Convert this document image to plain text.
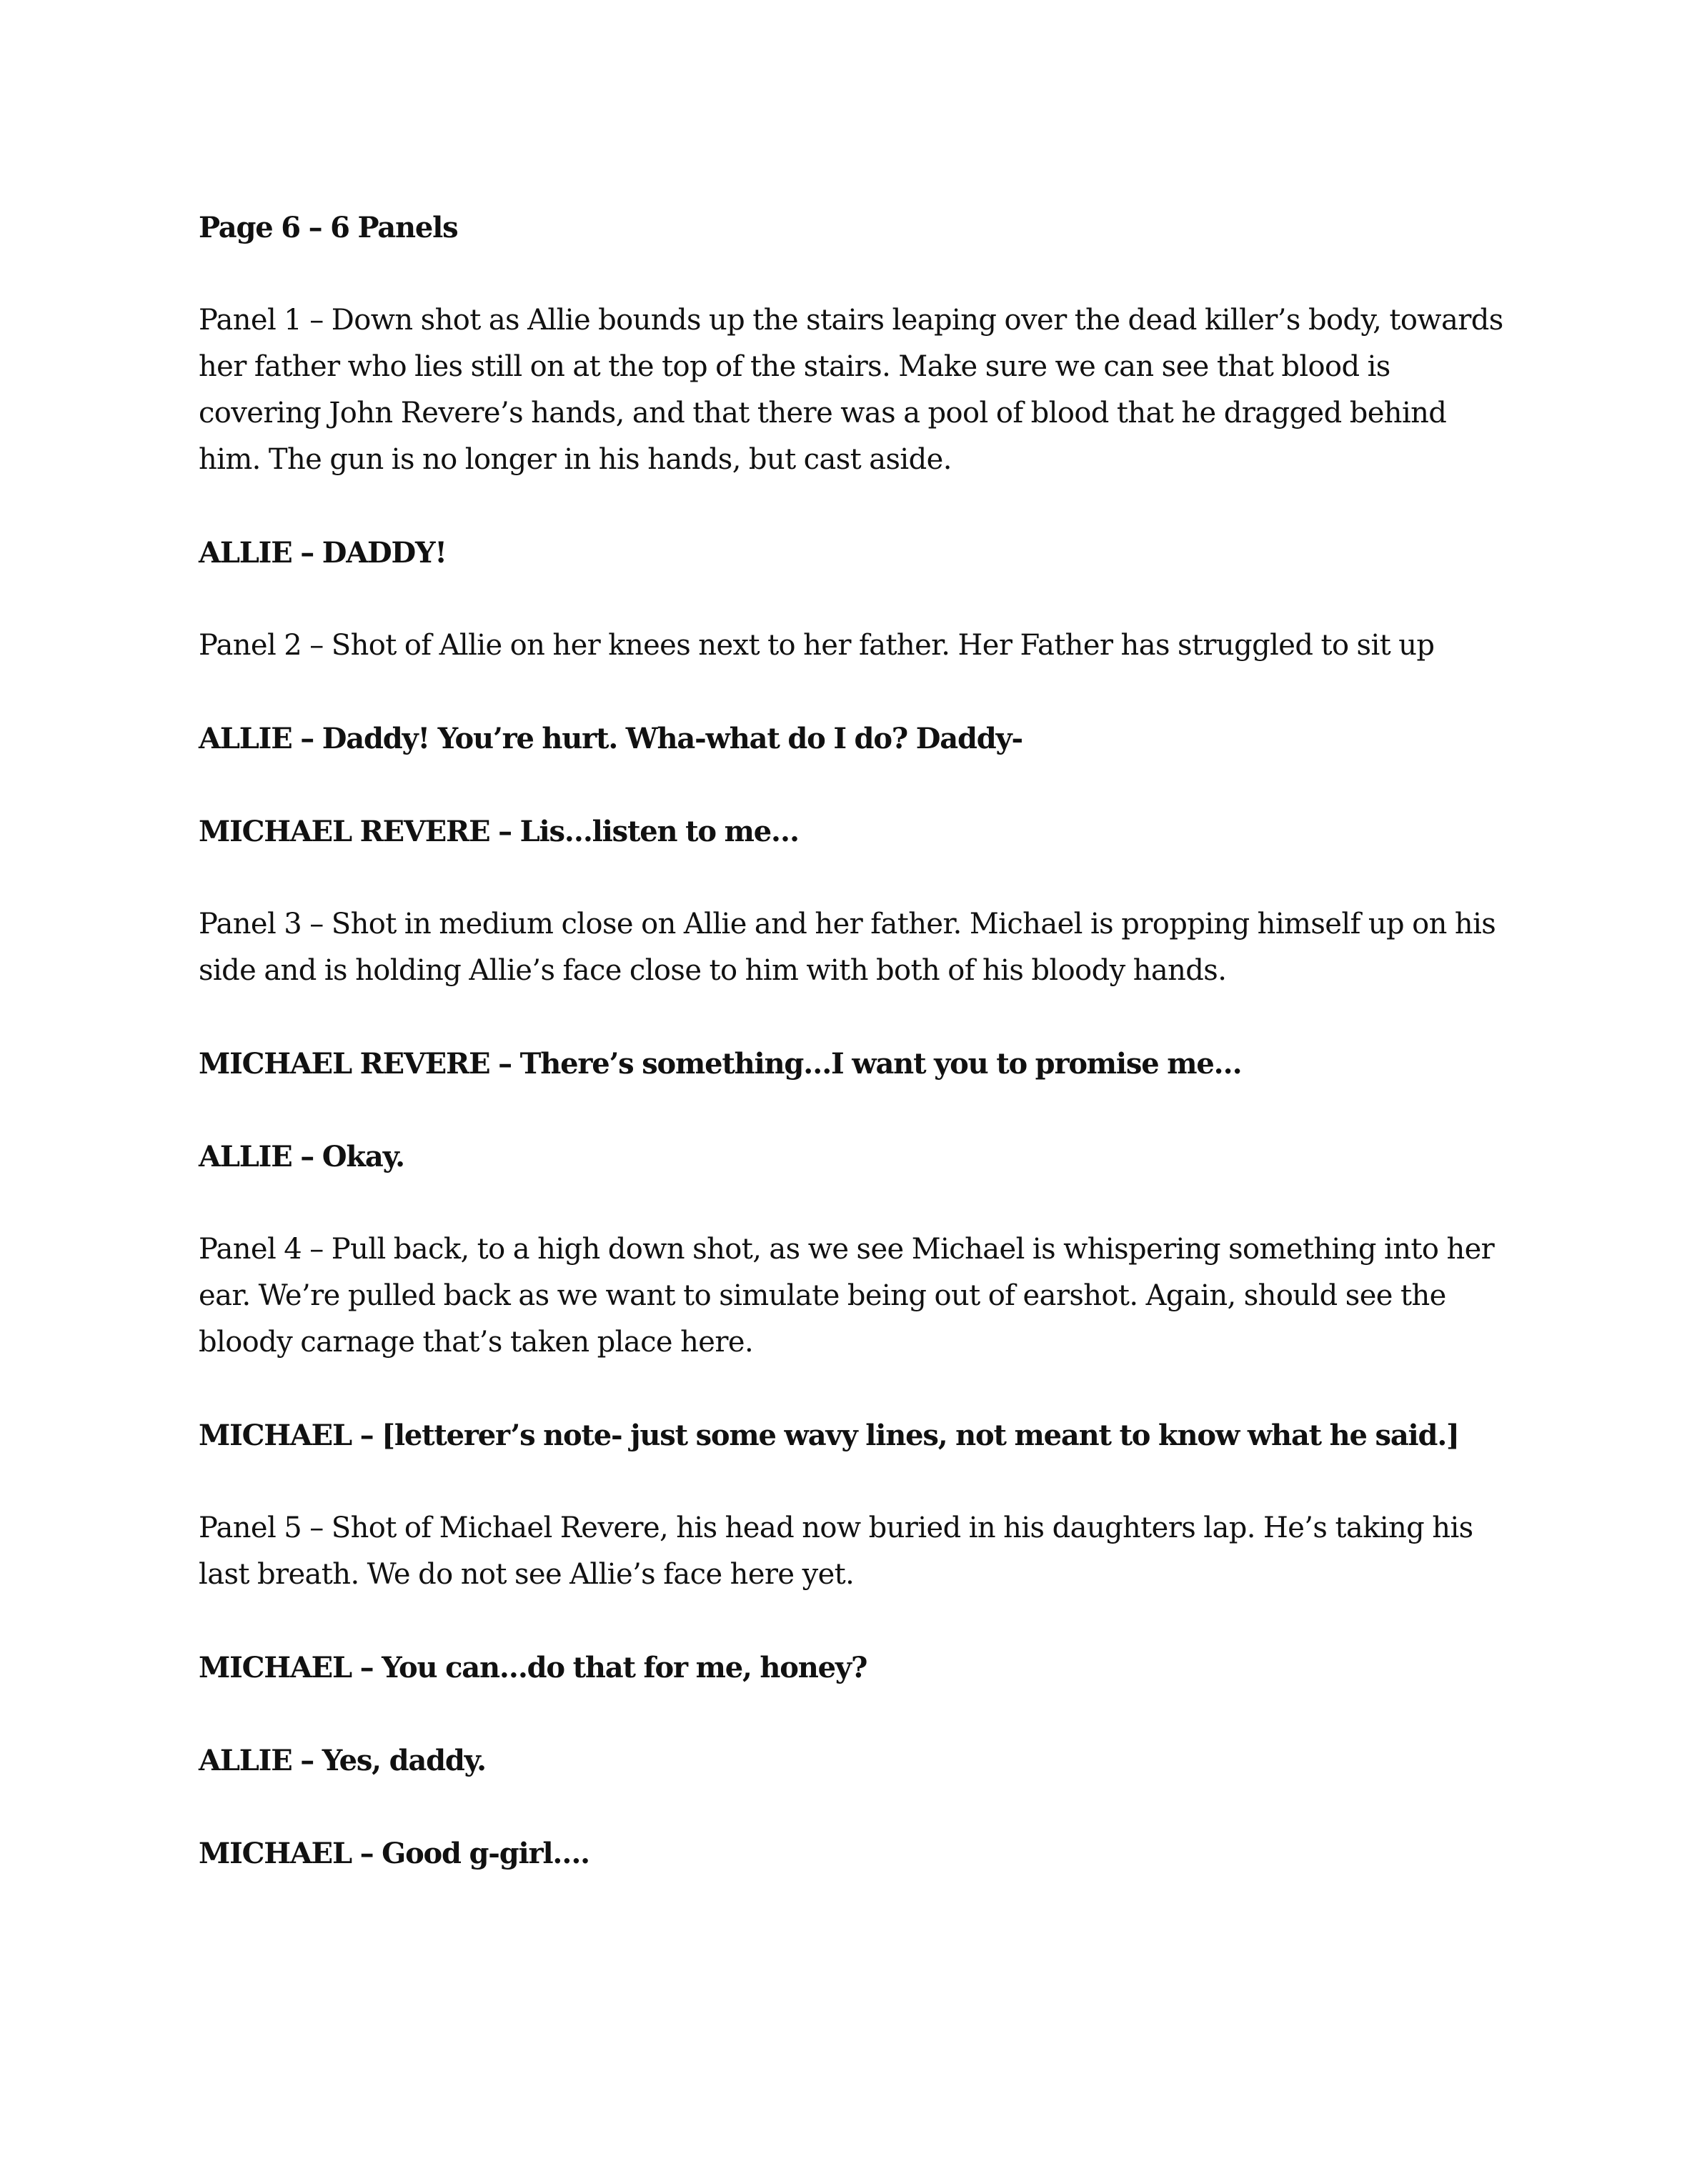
Page 6 – 6 Panels

Panel 1 – Down shot as Allie bounds up the stairs leaping over the dead killer’s body, towards her father who lies still on at the top of the stairs. Make sure we can see that blood is covering John Revere’s hands, and that there was a pool of blood that he dragged behind him. The gun is no longer in his hands, but cast aside.

ALLIE – DADDY!

Panel 2 – Shot of Allie on her knees next to her father. Her Father has struggled to sit up

ALLIE – Daddy! You’re hurt. Wha-what do I do? Daddy-

MICHAEL REVERE – Lis…listen to me…

Panel 3 – Shot in medium close on Allie and her father. Michael is propping himself up on his side and is holding Allie’s face close to him with both of his bloody hands.

MICHAEL REVERE – There’s something…I want you to promise me…

ALLIE – Okay.

Panel 4 – Pull back, to a high down shot, as we see Michael is whispering something into her ear. We’re pulled back as we want to simulate being out of earshot. Again, should see the bloody carnage that’s taken place here.

MICHAEL – [letterer’s note- just some wavy lines, not meant to know what he said.]

Panel 5 – Shot of Michael Revere, his head now buried in his daughters lap. He’s taking his last breath. We do not see Allie’s face here yet.

MICHAEL – You can…do that for me, honey?

ALLIE – Yes, daddy.

MICHAEL – Good g-girl….
